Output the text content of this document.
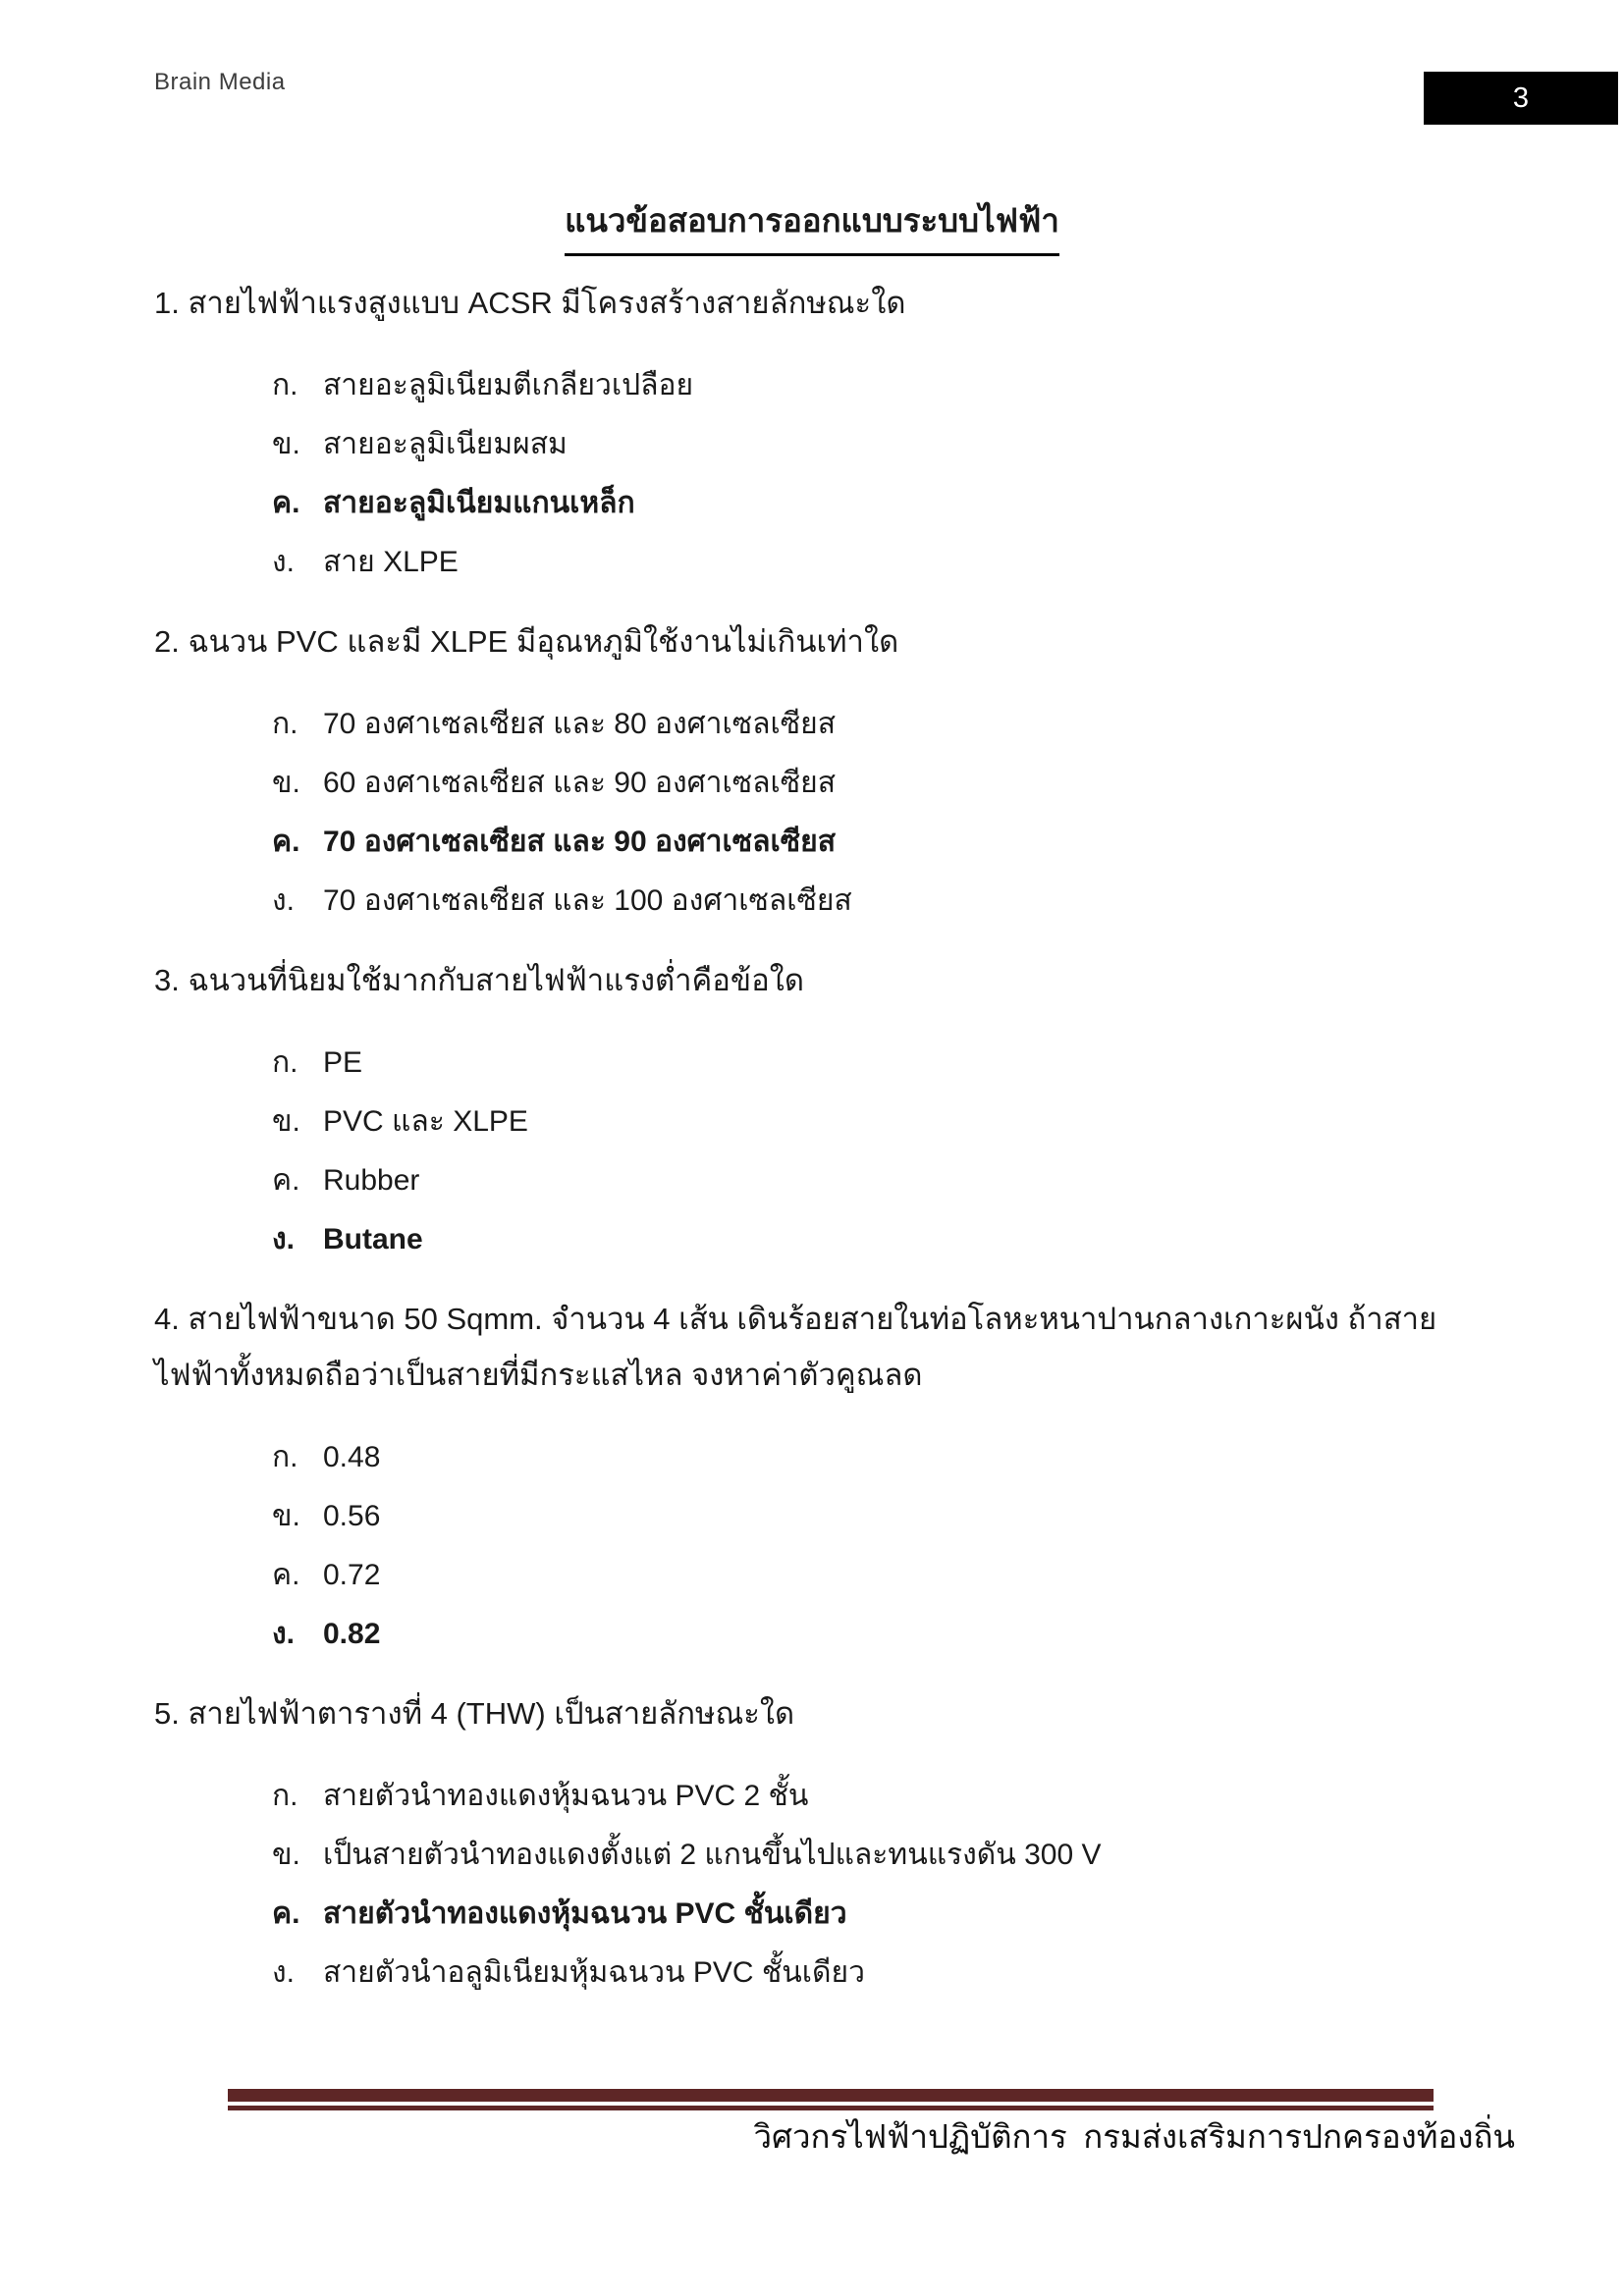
Brain Media	3
แนวข้อสอบการออกแบบระบบไฟฟ้า
1. สายไฟฟ้าแรงสูงแบบ ACSR มีโครงสร้างสายลักษณะใด
ก. สายอะลูมิเนียมตีเกลียวเปลือย
ข. สายอะลูมิเนียมผสม
ค. สายอะลูมิเนียมแกนเหล็ก
ง. สาย XLPE
2. ฉนวน PVC และมี XLPE มีอุณหภูมิใช้งานไม่เกินเท่าใด
ก. 70 องศาเซลเซียส และ 80 องศาเซลเซียส
ข. 60 องศาเซลเซียส และ 90 องศาเซลเซียส
ค. 70 องศาเซลเซียส และ 90 องศาเซลเซียส
ง. 70 องศาเซลเซียส และ 100 องศาเซลเซียส
3. ฉนวนที่นิยมใช้มากกับสายไฟฟ้าแรงต่ำคือข้อใด
ก. PE
ข. PVC และ XLPE
ค. Rubber
ง. Butane
4. สายไฟฟ้าขนาด 50 Sqmm. จำนวน 4 เส้น เดินร้อยสายในท่อโลหะหนาปานกลางเกาะผนัง ถ้าสายไฟฟ้าทั้งหมดถือว่าเป็นสายที่มีกระแสไหล จงหาค่าตัวคูณลด
ก. 0.48
ข. 0.56
ค. 0.72
ง. 0.82
5. สายไฟฟ้าตารางที่ 4 (THW) เป็นสายลักษณะใด
ก. สายตัวนำทองแดงหุ้มฉนวน PVC 2 ชั้น
ข. เป็นสายตัวนำทองแดงตั้งแต่ 2 แกนขึ้นไปและทนแรงดัน 300 V
ค. สายตัวนำทองแดงหุ้มฉนวน PVC ชั้นเดียว
ง. สายตัวนำอลูมิเนียมหุ้มฉนวน PVC ชั้นเดียว
วิศวกรไฟฟ้าปฏิบัติการ  กรมส่งเสริมการปกครองท้องถิ่น
